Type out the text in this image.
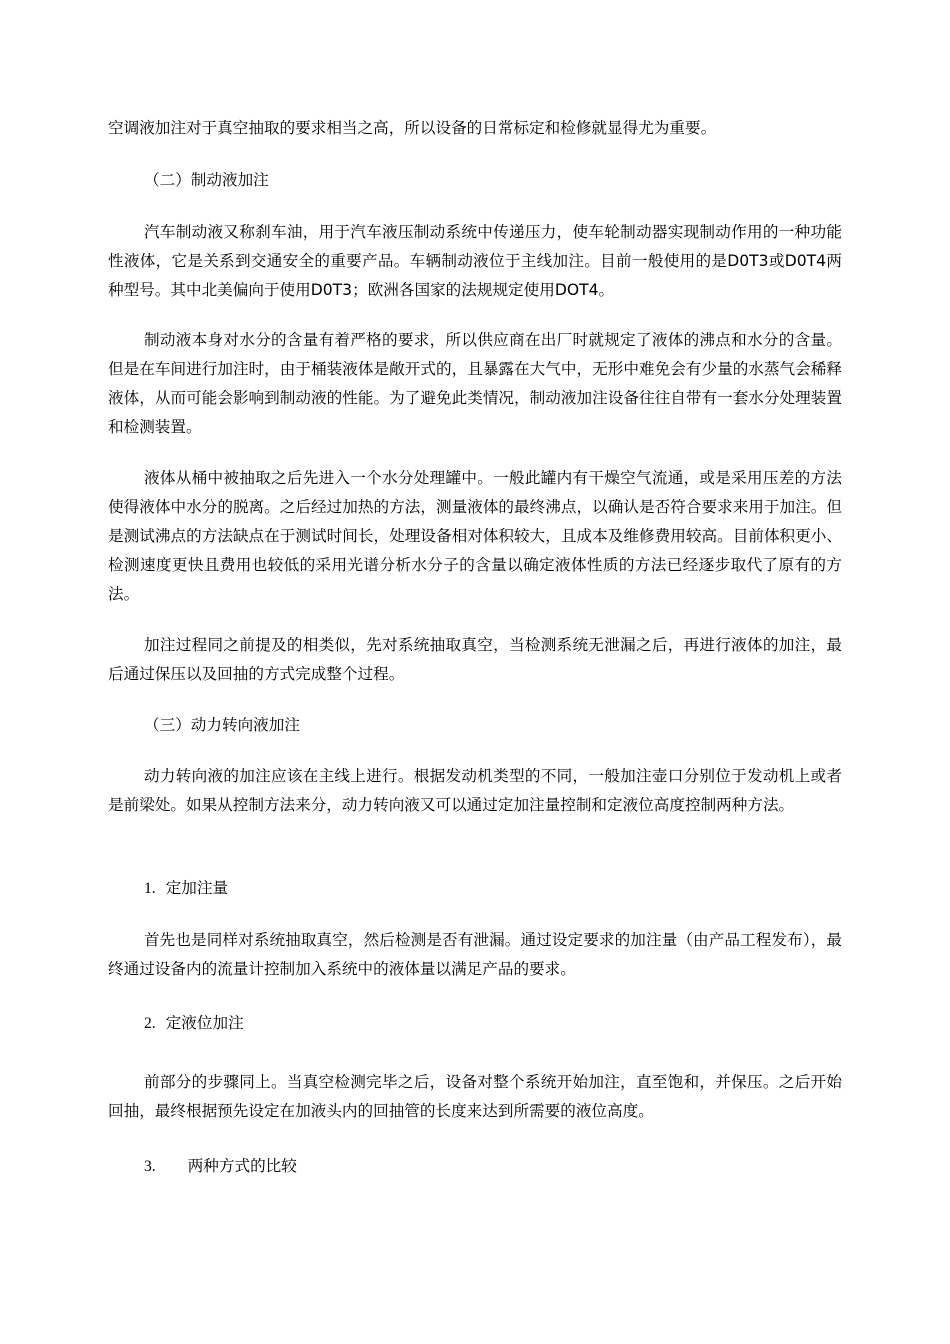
空调液加注对于真空抽取的要求相当之高，所以设备的日常标定和检修就显得尤为重要。

（二）制动液加注

汽车制动液又称刹车油，用于汽车液压制动系统中传递压力，使车轮制动器实现制动作用的一种功能性液体，它是关系到交通安全的重要产品。车辆制动液位于主线加注。目前一般使用的是D0T3或D0T4两种型号。其中北美偏向于使用D0T3；欧洲各国家的法规规定使用DOT4。

制动液本身对水分的含量有着严格的要求，所以供应商在出厂时就规定了液体的沸点和水分的含量。但是在车间进行加注时，由于桶装液体是敞开式的，且暴露在大气中，无形中难免会有少量的水蒸气会稀释液体，从而可能会影响到制动液的性能。为了避免此类情况，制动液加注设备往往自带有一套水分处理装置和检测装置。

液体从桶中被抽取之后先进入一个水分处理罐中。一般此罐内有干燥空气流通，或是采用压差的方法使得液体中水分的脱离。之后经过加热的方法，测量液体的最终沸点，以确认是否符合要求来用于加注。但是测试沸点的方法缺点在于测试时间长，处理设备相对体积较大，且成本及维修费用较高。目前体积更小、检测速度更快且费用也较低的采用光谱分析水分子的含量以确定液体性质的方法已经逐步取代了原有的方法。

加注过程同之前提及的相类似，先对系统抽取真空，当检测系统无泄漏之后，再进行液体的加注，最后通过保压以及回抽的方式完成整个过程。

（三）动力转向液加注

动力转向液的加注应该在主线上进行。根据发动机类型的不同，一般加注壶口分别位于发动机上或者是前梁处。如果从控制方法来分，动力转向液又可以通过定加注量控制和定液位高度控制两种方法。

1. 定加注量

首先也是同样对系统抽取真空，然后检测是否有泄漏。通过设定要求的加注量（由产品工程发布），最终通过设备内的流量计控制加入系统中的液体量以满足产品的要求。

2. 定液位加注

前部分的步骤同上。当真空检测完毕之后，设备对整个系统开始加注，直至饱和，并保压。之后开始回抽，最终根据预先设定在加液头内的回抽管的长度来达到所需要的液位高度。

3. 两种方式的比较
